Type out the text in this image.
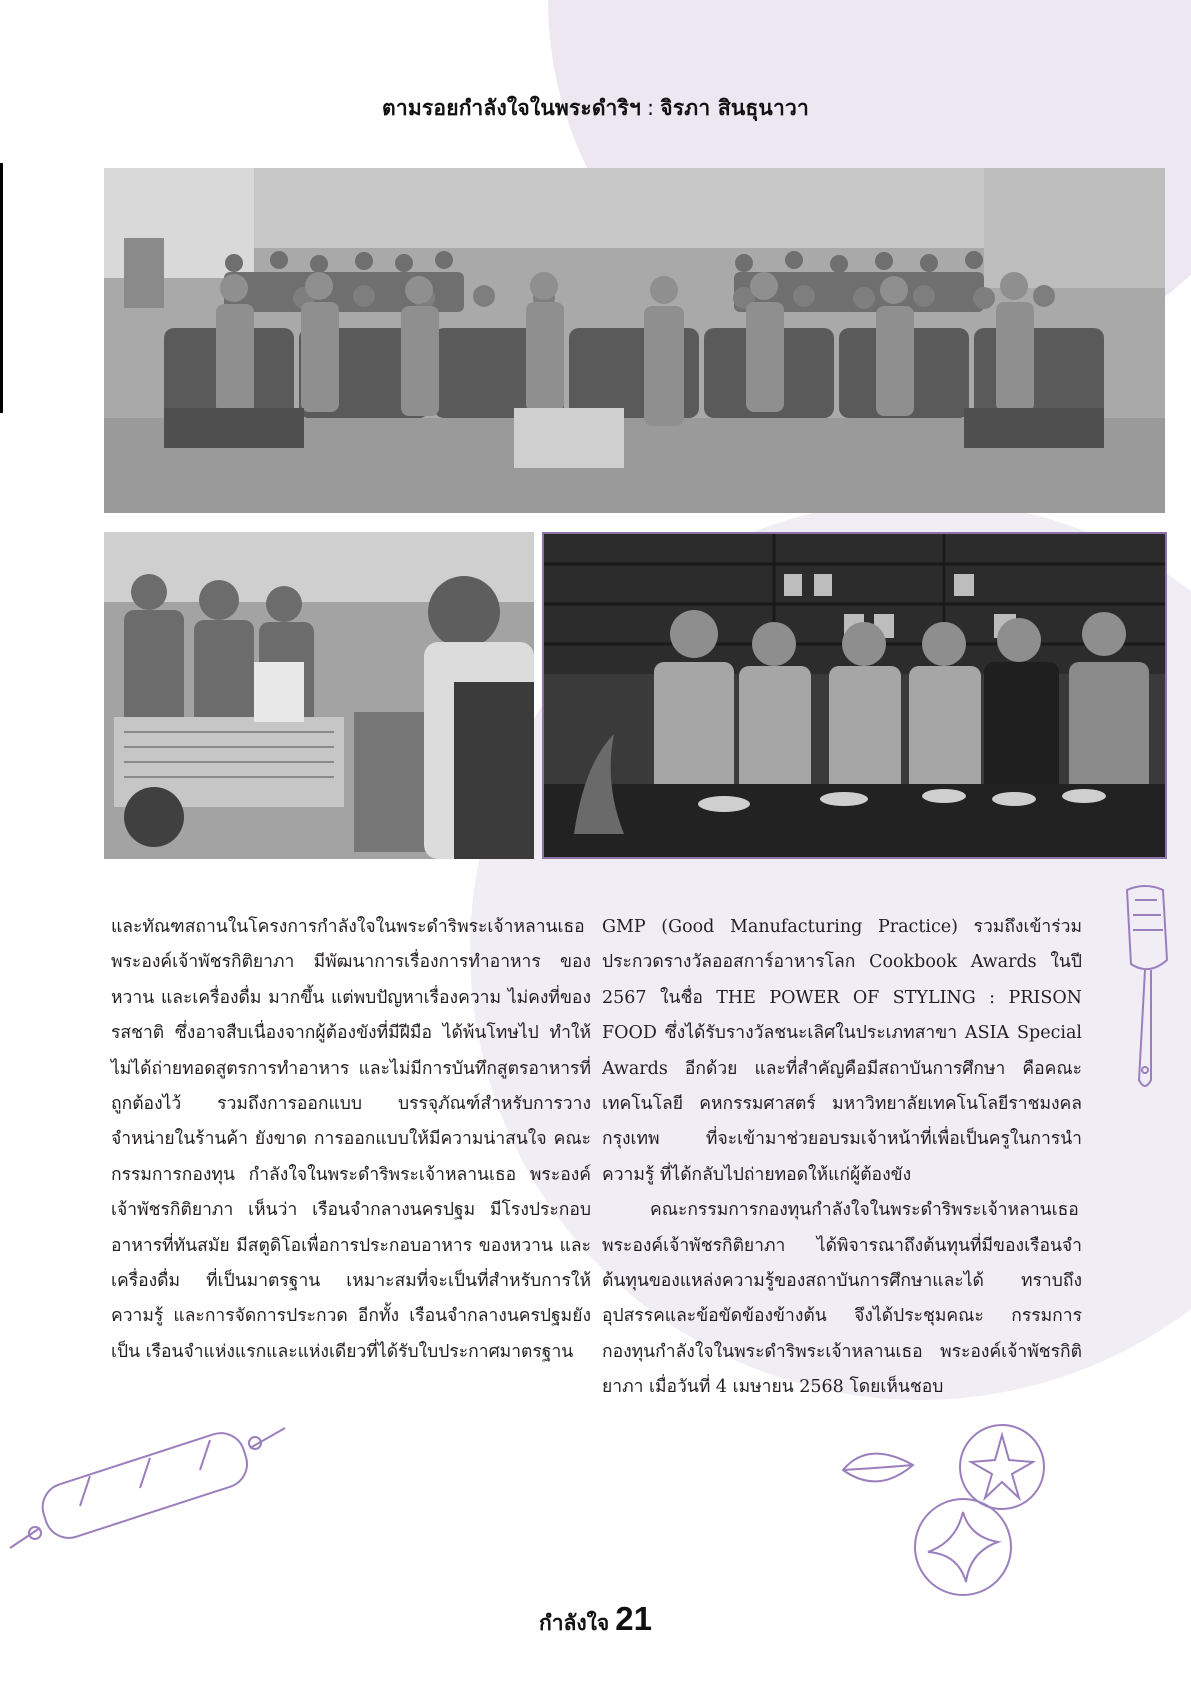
ตามรอยกำลังใจในพระดำริฯ : จิรภา สินธุนาวา

และทัณฑสถานในโครงการกำลังใจในพระดำริพระเจ้าหลานเธอ พระองค์เจ้าพัชรกิติยาภา มีพัฒนาการเรื่องการทำอาหาร ของหวาน และเครื่องดื่ม มากขึ้น แต่พบปัญหาเรื่องความ ไม่คงที่ของรสชาติ ซึ่งอาจสืบเนื่องจากผู้ต้องขังที่มีฝีมือ ได้พ้นโทษไป ทำให้ไม่ได้ถ่ายทอดสูตรการทำอาหาร และไม่มีการบันทึกสูตรอาหารที่ถูกต้องไว้ รวมถึงการออกแบบ บรรจุภัณฑ์สำหรับการวางจำหน่ายในร้านค้า ยังขาด การออกแบบให้มีความน่าสนใจ คณะกรรมการกองทุน กำลังใจในพระดำริพระเจ้าหลานเธอ พระองค์เจ้าพัชรกิติยาภา เห็นว่า เรือนจำกลางนครปฐม มีโรงประกอบอาหารที่ทันสมัย มีสตูดิโอเพื่อการประกอบอาหาร ของหวาน และเครื่องดื่ม ที่เป็นมาตรฐาน เหมาะสมที่จะเป็นที่สำหรับการให้ความรู้ และการจัดการประกวด อีกทั้ง เรือนจำกลางนครปฐมยังเป็น เรือนจำแห่งแรกและแห่งเดียวที่ได้รับใบประกาศมาตรฐาน

GMP (Good Manufacturing Practice) รวมถึงเข้าร่วม ประกวดรางวัลออสการ์อาหารโลก Cookbook Awards ในปี 2567 ในชื่อ THE POWER OF STYLING : PRISON FOOD ซึ่งได้รับรางวัลชนะเลิศในประเภทสาขา ASIA Special Awards อีกด้วย และที่สำคัญคือมีสถาบันการศึกษา คือคณะเทคโนโลยี คหกรรมศาสตร์ มหาวิทยาลัยเทคโนโลยีราชมงคลกรุงเทพ ที่จะเข้ามาช่วยอบรมเจ้าหน้าที่เพื่อเป็นครูในการนำความรู้ ที่ได้กลับไปถ่ายทอดให้แก่ผู้ต้องขัง

คณะกรรมการกองทุนกำลังใจในพระดำริพระเจ้าหลานเธอ พระองค์เจ้าพัชรกิติยาภา ได้พิจารณาถึงต้นทุนที่มีของเรือนจำ ต้นทุนของแหล่งความรู้ของสถาบันการศึกษาและได้ ทราบถึงอุปสรรคและข้อขัดข้องข้างต้น จึงได้ประชุมคณะ กรรมการกองทุนกำลังใจในพระดำริพระเจ้าหลานเธอ พระองค์เจ้าพัชรกิติยาภา เมื่อวันที่ 4 เมษายน 2568 โดยเห็นชอบ

กำลังใจ 21
